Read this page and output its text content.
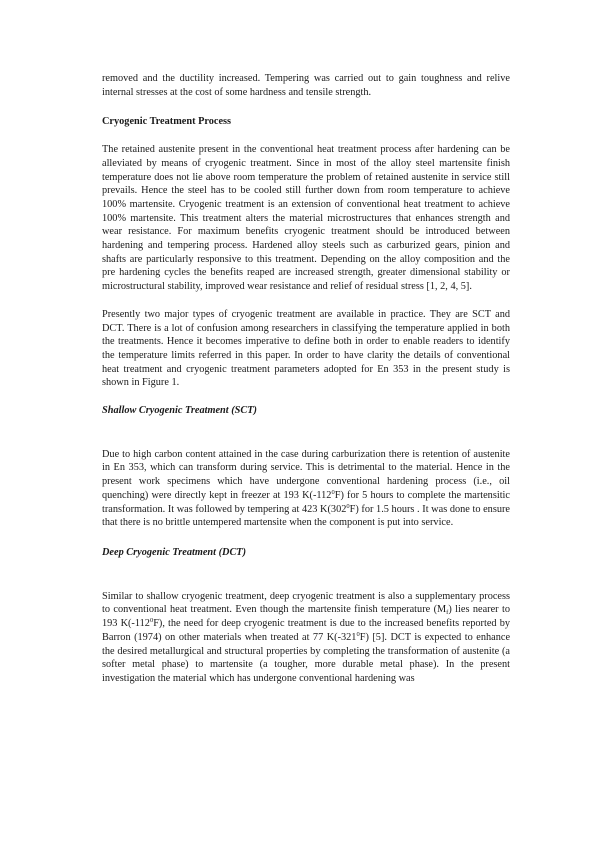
removed and the ductility increased. Tempering was carried out to gain toughness and relive internal stresses at the cost of some hardness and tensile strength.

Cryogenic Treatment Process

The retained austenite present in the conventional heat treatment process after hardening can be alleviated by means of cryogenic treatment. Since in most of the alloy steel martensite finish temperature does not lie above room temperature the problem of retained austenite in service still prevails. Hence the steel has to be cooled still further down from room temperature to achieve 100% martensite. Cryogenic treatment is an extension of conventional heat treatment to achieve 100% martensite. This treatment alters the material microstructures that enhances strength and wear resistance. For maximum benefits cryogenic treatment should be introduced between hardening and tempering process. Hardened alloy steels such as carburized gears, pinion and shafts are particularly responsive to this treatment. Depending on the alloy composition and the pre hardening cycles the benefits reaped are increased strength, greater dimensional stability or microstructural stability, improved wear resistance and relief of residual stress [1, 2, 4, 5].

Presently two major types of cryogenic treatment are available in practice. They are SCT and DCT. There is a lot of confusion among researchers in classifying the temperature applied in both the treatments. Hence it becomes imperative to define both in order to enable readers to identify the temperature limits referred in this paper. In order to have clarity the details of conventional heat treatment and cryogenic treatment parameters adopted for En 353 in the present study is shown in Figure 1.

Shallow Cryogenic Treatment (SCT)

Due to high carbon content attained in the case during carburization there is retention of austenite in En 353, which can transform during service. This is detrimental to the material. Hence in the present work specimens which have undergone conventional hardening process (i.e., oil quenching) were directly kept in freezer at 193 $K(-112^0F)$ for 5 hours to complete the martensitic transformation. It was followed by tempering at 423 $K(302^0F)$ for 1.5 hours . It was done to ensure that there is no brittle untempered martensite when the component is put into service.

Deep Cryogenic Treatment (DCT)

Similar to shallow cryogenic treatment, deep cryogenic treatment is also a supplementary process to conventional heat treatment. Even though the martensite finish temperature $(M_f)$ lies nearer to 193 $K(-112^0F)$, the need for deep cryogenic treatment is due to the increased benefits reported by Barron (1974) on other materials when treated at 77 $K(-321^0F)$ [5]. DCT is expected to enhance the desired metallurgical and structural properties by completing the transformation of austenite (a softer metal phase) to martensite (a tougher, more durable metal phase). In the present investigation the material which has undergone conventional hardening was
